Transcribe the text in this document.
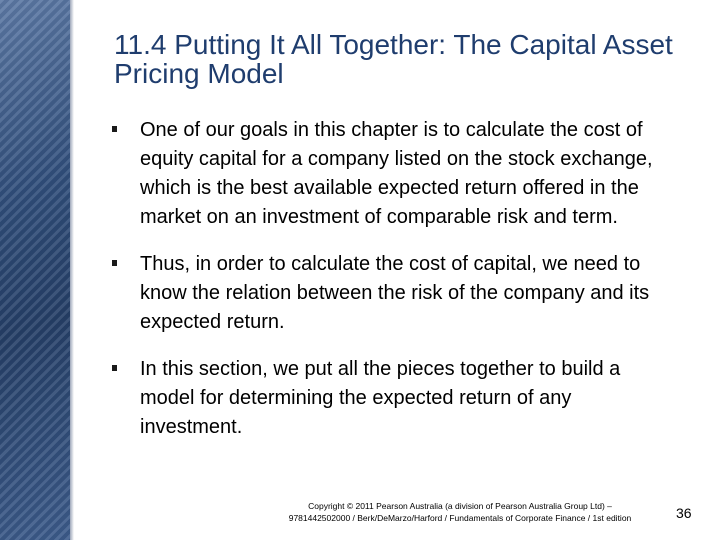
11.4 Putting It All Together: The Capital Asset Pricing Model
One of our goals in this chapter is to calculate the cost of equity capital for a company listed on the stock exchange, which is the best available expected return offered in the market on an investment of comparable risk and term.
Thus, in order to calculate the cost of capital, we need to know the relation between the risk of the company and its expected return.
In this section, we put all the pieces together to build a model for determining the expected return of any investment.
Copyright © 2011 Pearson Australia (a division of Pearson Australia Group Ltd) –
9781442502000 / Berk/DeMarzo/Harford / Fundamentals of Corporate Finance / 1st edition	36
